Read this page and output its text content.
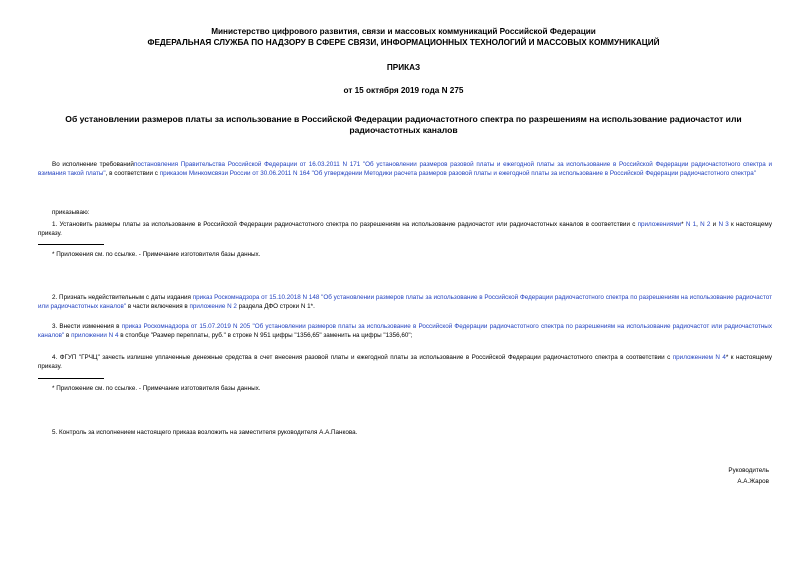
Министерство цифрового развития, связи и массовых коммуникаций Российской Федерации
ФЕДЕРАЛЬНАЯ СЛУЖБА ПО НАДЗОРУ В СФЕРЕ СВЯЗИ, ИНФОРМАЦИОННЫХ ТЕХНОЛОГИЙ И МАССОВЫХ КОММУНИКАЦИЙ
ПРИКАЗ
от 15 октября 2019 года N 275
Об установлении размеров платы за использование в Российской Федерации радиочастотного спектра по разрешениям на использование радиочастот или радиочастотных каналов

Во исполнение требованийпостановления Правительства Российской Федерации от 16.03.2011 N 171 "Об установлении размеров разовой платы и ежегодной платы за использование в Российской Федерации радиочастотного спектра и взимания такой платы", в соответствии с приказом Минкомсвязи России от 30.06.2011 N 164 "Об утверждении Методики расчета размеров разовой платы и ежегодной платы за использование в Российской Федерации радиочастотного спектра"

приказываю:

1. Установить размеры платы за использование в Российской Федерации радиочастотного спектра по разрешениям на использование радиочастот или радиочастотных каналов в соответствии с приложениями* N 1, N 2 и N 3 к настоящему приказу.

* Приложения см. по ссылке. - Примечание изготовителя базы данных.

2. Признать недействительным с даты издания приказ Роскомнадзора от 15.10.2018 N 148 "Об установлении размеров платы за использование в Российской Федерации радиочастотного спектра по разрешениям на использование радиочастот или радиочастотных каналов" в части включения в приложение N 2 раздела ДФО строки N 1*.

3. Внести изменения в приказ Роскомнадзора от 15.07.2019 N 205 "Об установлении размеров платы за использование в Российской Федерации радиочастотного спектра по разрешениям на использование радиочастот или радиочастотных каналов" в приложении N 4 в столбце "Размер переплаты, руб." в строке N 951 цифры "1356,65" заменить на цифры "1356,60";

4. ФГУП "ГРЧЦ" зачесть излишне уплаченные денежные средства в счет внесения разовой платы и ежегодной платы за использование в Российской Федерации радиочастотного спектра в соответствии с приложением N 4* к настоящему приказу.

* Приложение см. по ссылке. - Примечание изготовителя базы данных.

5. Контроль за исполнением настоящего приказа возложить на заместителя руководителя А.А.Панкова.

Руководитель
А.А.Жаров
